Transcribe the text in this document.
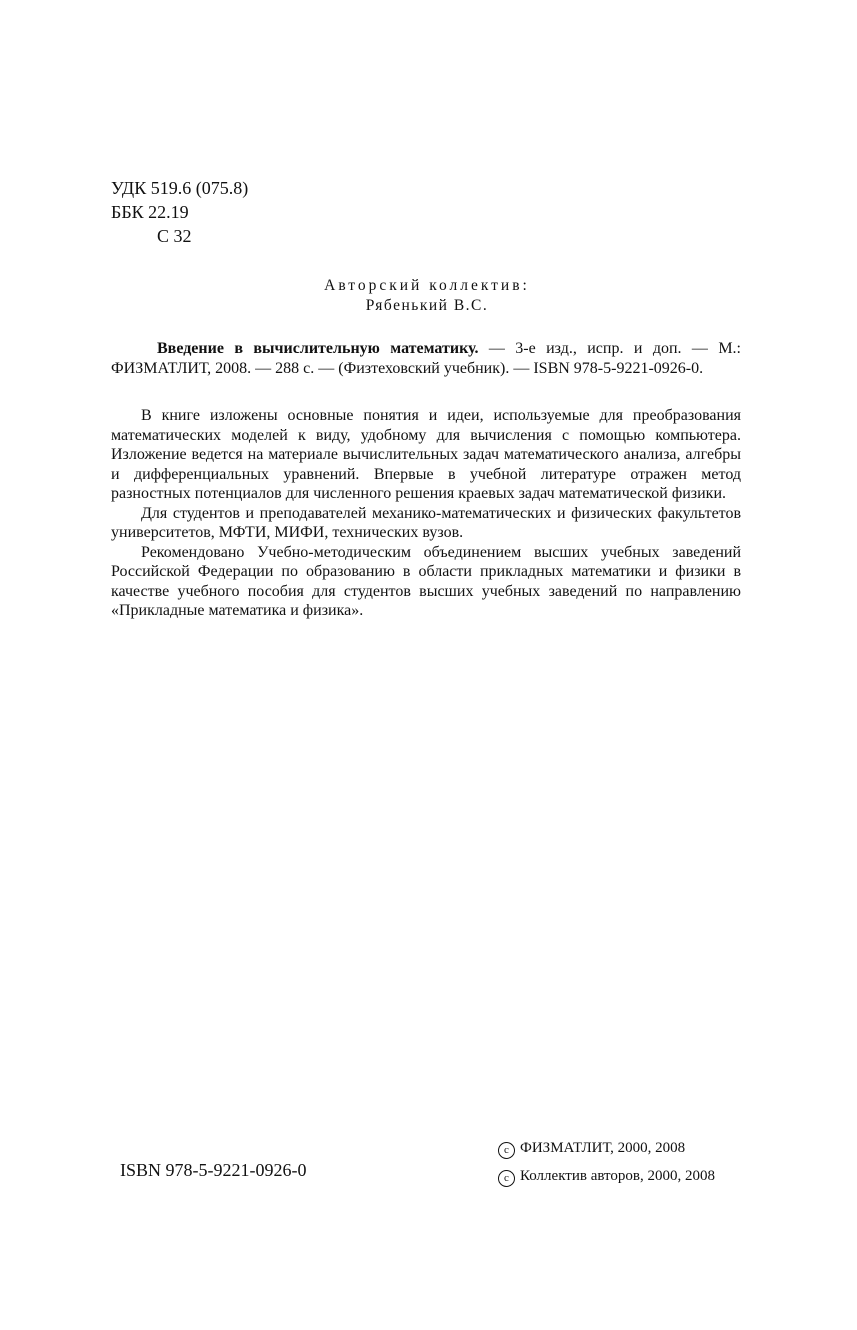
УДК 519.6 (075.8)
ББК 22.19
С 32
Авторский коллектив:
Рябенький В.С.
Введение в вычислительную математику. — 3-е изд., испр. и доп. — М.: ФИЗМАТЛИТ, 2008. — 288 с. — (Физтеховский учебник). — ISBN 978-5-9221-0926-0.

В книге изложены основные понятия и идеи, используемые для преобразования математических моделей к виду, удобному для вычисления с помощью компьютера. Изложение ведется на материале вычислительных задач математического анализа, алгебры и дифференциальных уравнений. Впервые в учебной литературе отражен метод разностных потенциалов для численного решения краевых задач математической физики.

Для студентов и преподавателей механико-математических и физических факультетов университетов, МФТИ, МИФИ, технических вузов.

Рекомендовано Учебно-методическим объединением высших учебных заведений Российской Федерации по образованию в области прикладных математики и физики в качестве учебного пособия для студентов высших учебных заведений по направлению «Прикладные математика и физика».

ISBN 978-5-9221-0926-0
c ФИЗМАТЛИТ, 2000, 2008
c Коллектив авторов, 2000, 2008
